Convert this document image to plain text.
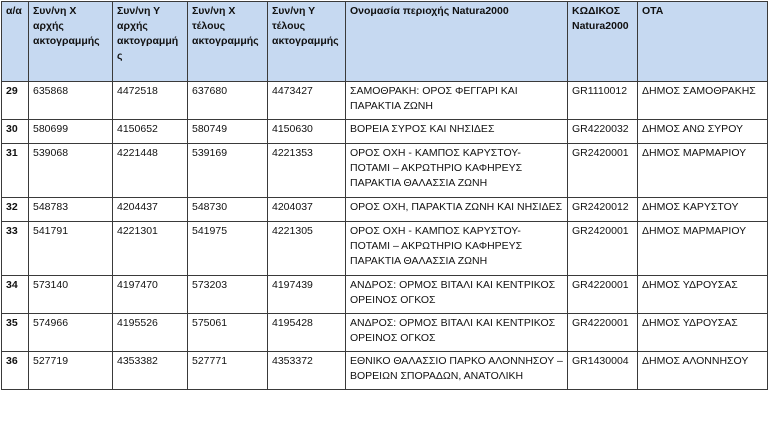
α/α	Συν/νη Χ αρχής ακτογραμμής	Συν/νη Υ αρχής ακτογραμμής	Συν/νη Χ τέλους ακτογραμμής	Συν/νη Υ τέλους ακτογραμμής	Ονομασία περιοχής Natura2000	ΚΩΔΙΚΟΣ Natura2000	ΟΤΑ
29	635868	4472518	637680	4473427	ΣΑΜΟΘΡΑΚΗ: ΟΡΟΣ ΦΕΓΓΑΡΙ ΚΑΙ ΠΑΡΑΚΤΙΑ ΖΩΝΗ	GR1110012	ΔΗΜΟΣ ΣΑΜΟΘΡΑΚΗΣ
30	580699	4150652	580749	4150630	ΒΟΡΕΙΑ ΣΥΡΟΣ ΚΑΙ ΝΗΣΙΔΕΣ	GR4220032	ΔΗΜΟΣ ΑΝΩ ΣΥΡΟΥ
31	539068	4221448	539169	4221353	ΟΡΟΣ ΟΧΗ - ΚΑΜΠΟΣ ΚΑΡΥΣΤΟΥ- ΠΟΤΑΜΙ – ΑΚΡΩΤΗΡΙΟ ΚΑΦΗΡΕΥΣ ΠΑΡΑΚΤΙΑ ΘΑΛΑΣΣΙΑ ΖΩΝΗ	GR2420001	ΔΗΜΟΣ ΜΑΡΜΑΡΙΟΥ
32	548783	4204437	548730	4204037	ΟΡΟΣ ΟΧΗ, ΠΑΡΑΚΤΙΑ ΖΩΝΗ ΚΑΙ ΝΗΣΙΔΕΣ	GR2420012	ΔΗΜΟΣ ΚΑΡΥΣΤΟΥ
33	541791	4221301	541975	4221305	ΟΡΟΣ ΟΧΗ - ΚΑΜΠΟΣ ΚΑΡΥΣΤΟΥ- ΠΟΤΑΜΙ – ΑΚΡΩΤΗΡΙΟ ΚΑΦΗΡΕΥΣ ΠΑΡΑΚΤΙΑ ΘΑΛΑΣΣΙΑ ΖΩΝΗ	GR2420001	ΔΗΜΟΣ ΜΑΡΜΑΡΙΟΥ
34	573140	4197470	573203	4197439	ΑΝΔΡΟΣ: ΟΡΜΟΣ ΒΙΤΑΛΙ ΚΑΙ ΚΕΝΤΡΙΚΟΣ ΟΡΕΙΝΟΣ ΟΓΚΟΣ	GR4220001	ΔΗΜΟΣ ΥΔΡΟΥΣΑΣ
35	574966	4195526	575061	4195428	ΑΝΔΡΟΣ: ΟΡΜΟΣ ΒΙΤΑΛΙ ΚΑΙ ΚΕΝΤΡΙΚΟΣ ΟΡΕΙΝΟΣ ΟΓΚΟΣ	GR4220001	ΔΗΜΟΣ ΥΔΡΟΥΣΑΣ
36	527719	4353382	527771	4353372	ΕΘΝΙΚΟ ΘΑΛΑΣΣΙΟ ΠΑΡΚΟ ΑΛΟΝΝΗΣΟΥ – ΒΟΡΕΙΩΝ ΣΠΟΡΑΔΩΝ, ΑΝΑΤΟΛΙΚΗ	GR1430004	ΔΗΜΟΣ ΑΛΟΝΝΗΣΟΥ
